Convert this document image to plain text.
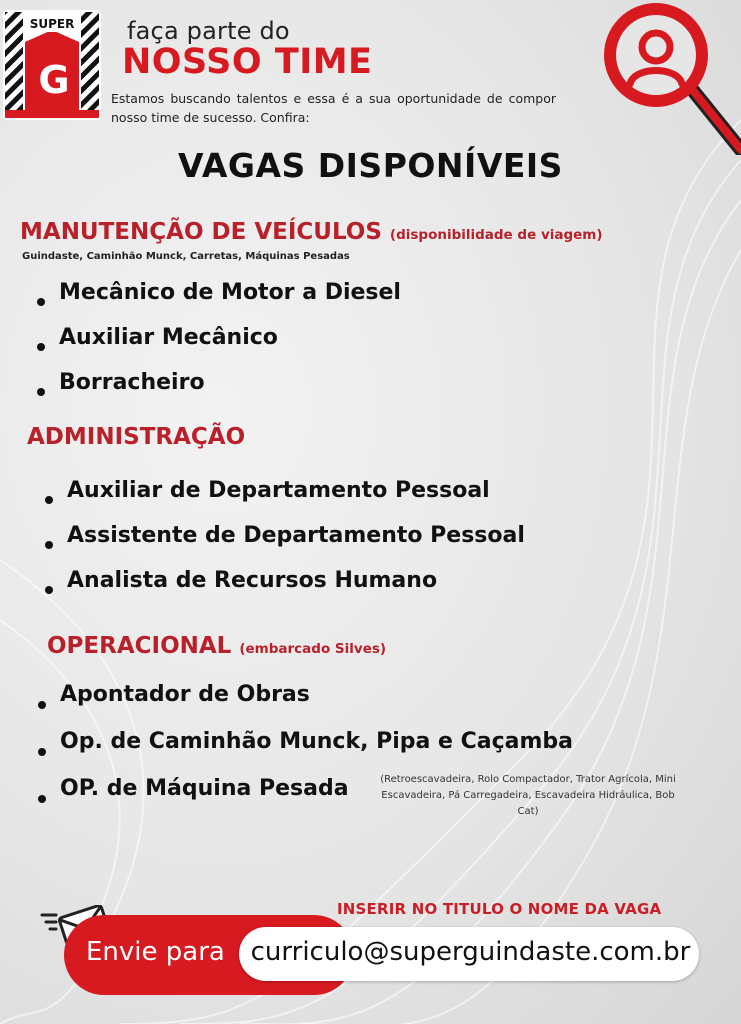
SUPER
G
faça parte do
NOSSO TIME
Estamos buscando talentos e essa é a sua oportunidade de compor nosso time de sucesso. Confira:
VAGAS DISPONÍVEIS
MANUTENÇÃO DE VEÍCULOS (disponibilidade de viagem)
Guindaste, Caminhão Munck, Carretas, Máquinas Pesadas
Mecânico de Motor a Diesel
Auxiliar Mecânico
Borracheiro
ADMINISTRAÇÃO
Auxiliar de Departamento Pessoal
Assistente de Departamento Pessoal
Analista de Recursos Humano
OPERACIONAL (embarcado Silves)
Apontador de Obras
Op. de Caminhão Munck, Pipa e Caçamba
OP. de Máquina Pesada	(Retroescavadeira, Rolo Compactador, Trator Agrícola, Mini Escavadeira, Pá Carregadeira, Escavadeira Hidráulica, Bob Cat)
INSERIR NO TITULO O NOME DA VAGA
Envie para curriculo@superguindaste.com.br
